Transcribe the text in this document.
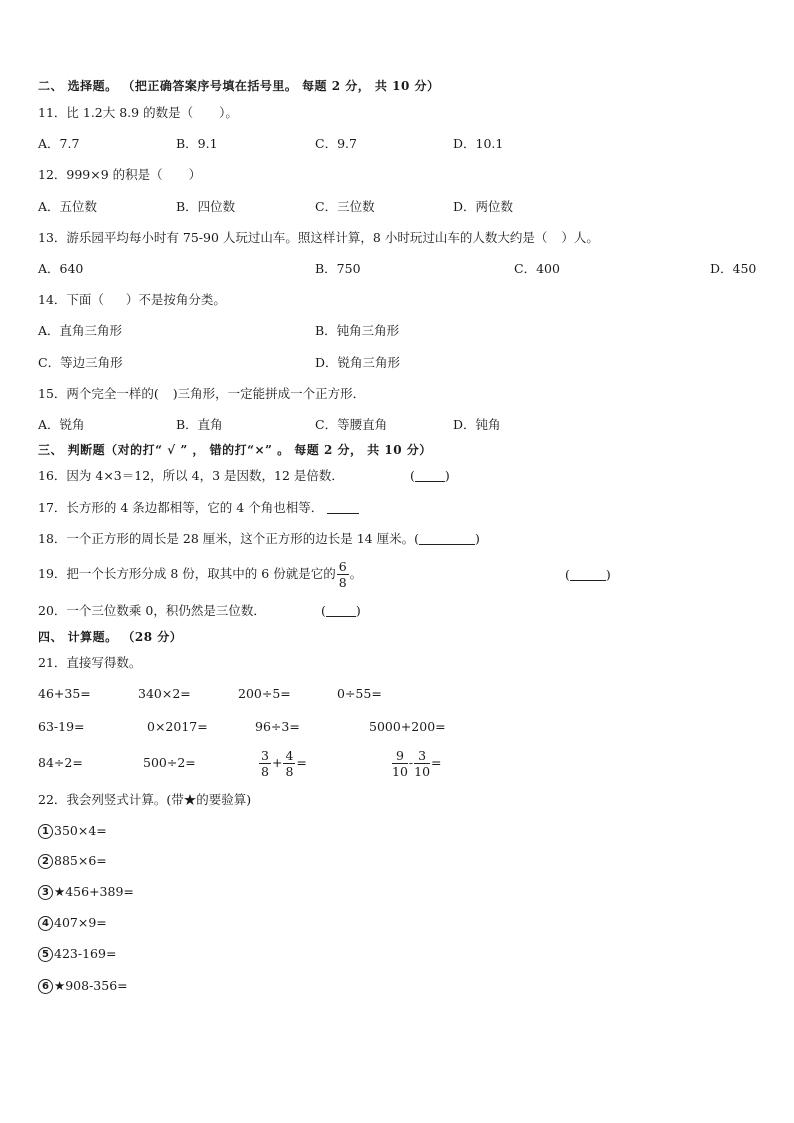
二、 选择题。 （把正确答案序号填在括号里。 每题 2 分， 共 10 分）
11．比 1.2大 8.9 的数是（ ）。
A．7.7	B．9.1	C．9.7	D．10.1
12．999×9 的积是（ ）
A．五位数	B．四位数	C．三位数	D．两位数
13．游乐园平均每小时有 75-90 人玩过山车。照这样计算，8 小时玩过山车的人数大约是（ ）人。
A．640	B．750	C．400	D．450
14．下面（ ）不是按角分类。
A．直角三角形	B．钝角三角形
C．等边三角形	D．锐角三角形
15．两个完全一样的( )三角形，一定能拼成一个正方形．
A．锐角	B．直角	C．等腰直角	D．钝角
三、 判断题（对的打“ √ ” ， 错的打“×” 。 每题 2 分， 共 10 分）
16．因为 4×3＝12，所以 4，3 是因数，12 是倍数．	( )
17．长方形的 4 条边都相等，它的 4 个角也相等．
18．一个正方形的周长是 28 厘米，这个正方形的边长是 14 厘米。(	)
19．把一个长方形分成 8 份，取其中的 6 份就是它的 $\frac{6}{8}$ 。	(	)
20．一个三位数乘 0，积仍然是三位数．	( )
四、 计算题。 （28 分）
21．直接写得数。
46+35=	340×2=	200÷5=	0÷55=
63-19=	0×2017=	96÷3=	5000+200=
84÷2=	500÷2=	$\frac{3}{8} + \frac{4}{8}$ =	$\frac{9}{10} - \frac{3}{10}$ =
22．我会列竖式计算。(带★的要验算)
1 350×4=
2 885×6=
3 ★456+389=
4 407×9=
5 423-169=
6 ★908-356=
